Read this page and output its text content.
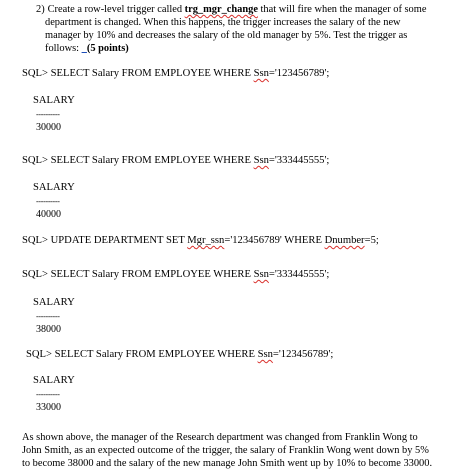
2) Create a row-level trigger called trg_mgr_change that will fire when the manager of some
department is changed. When this happens, the trigger increases the salary of the new
manager by 10% and decreases the salary of the old manager by 5%. Test the trigger as
follows: _(5 points)
SQL> SELECT Salary FROM EMPLOYEE WHERE Ssn='123456789';
SALARY
----------
30000
SQL> SELECT Salary FROM EMPLOYEE WHERE Ssn='333445555';
SALARY
----------
40000
SQL> UPDATE DEPARTMENT SET Mgr_ssn='123456789' WHERE Dnumber=5;
SQL> SELECT Salary FROM EMPLOYEE WHERE Ssn='333445555';
SALARY
----------
38000
SQL> SELECT Salary FROM EMPLOYEE WHERE Ssn='123456789';
SALARY
----------
33000
As shown above, the manager of the Research department was changed from Franklin Wong to
John Smith, as an expected outcome of the trigger, the salary of Franklin Wong went down by 5%
to become 38000 and the salary of the new manage John Smith went up by 10% to become 33000.
